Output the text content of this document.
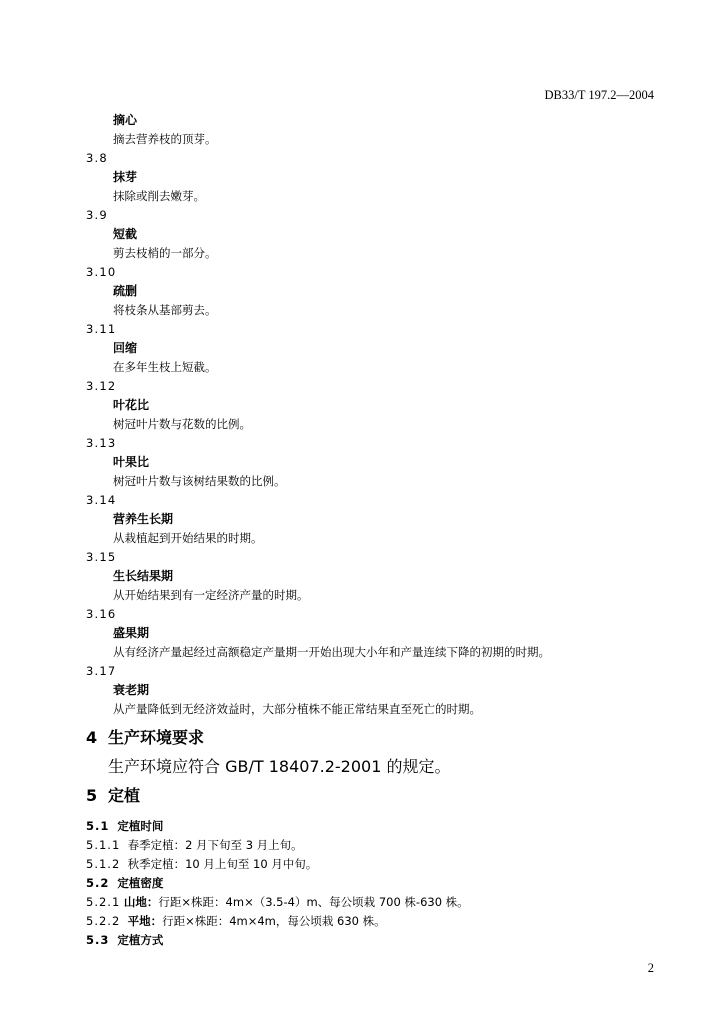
DB33/T 197.2—2004
摘心
摘去营养枝的顶芽。
3.8
抹芽
抹除或削去嫩芽。
3.9
短截
剪去枝梢的一部分。
3.10
疏删
将枝条从基部剪去。
3.11
回缩
在多年生枝上短截。
3.12
叶花比
树冠叶片数与花数的比例。
3.13
叶果比
树冠叶片数与该树结果数的比例。
3.14
营养生长期
从栽植起到开始结果的时期。
3.15
生长结果期
从开始结果到有一定经济产量的时期。
3.16
盛果期
从有经济产量起经过高额稳定产量期一开始出现大小年和产量连续下降的初期的时期。
3.17
衰老期
从产量降低到无经济效益时，大部分植株不能正常结果直至死亡的时期。
4 生产环境要求
生产环境应符合 GB/T 18407.2-2001 的规定。
5 定植
5.1 定植时间
5.1.1 春季定植：2 月下旬至 3 月上旬。
5.1.2 秋季定植：10 月上旬至 10 月中旬。
5.2 定植密度
5.2.1 山地：行距×株距：4m×（3.5-4）m、每公顷栽 700 株-630 株。
5.2.2 平地：行距×株距：4m×4m，每公顷栽 630 株。
5.3 定植方式
2
